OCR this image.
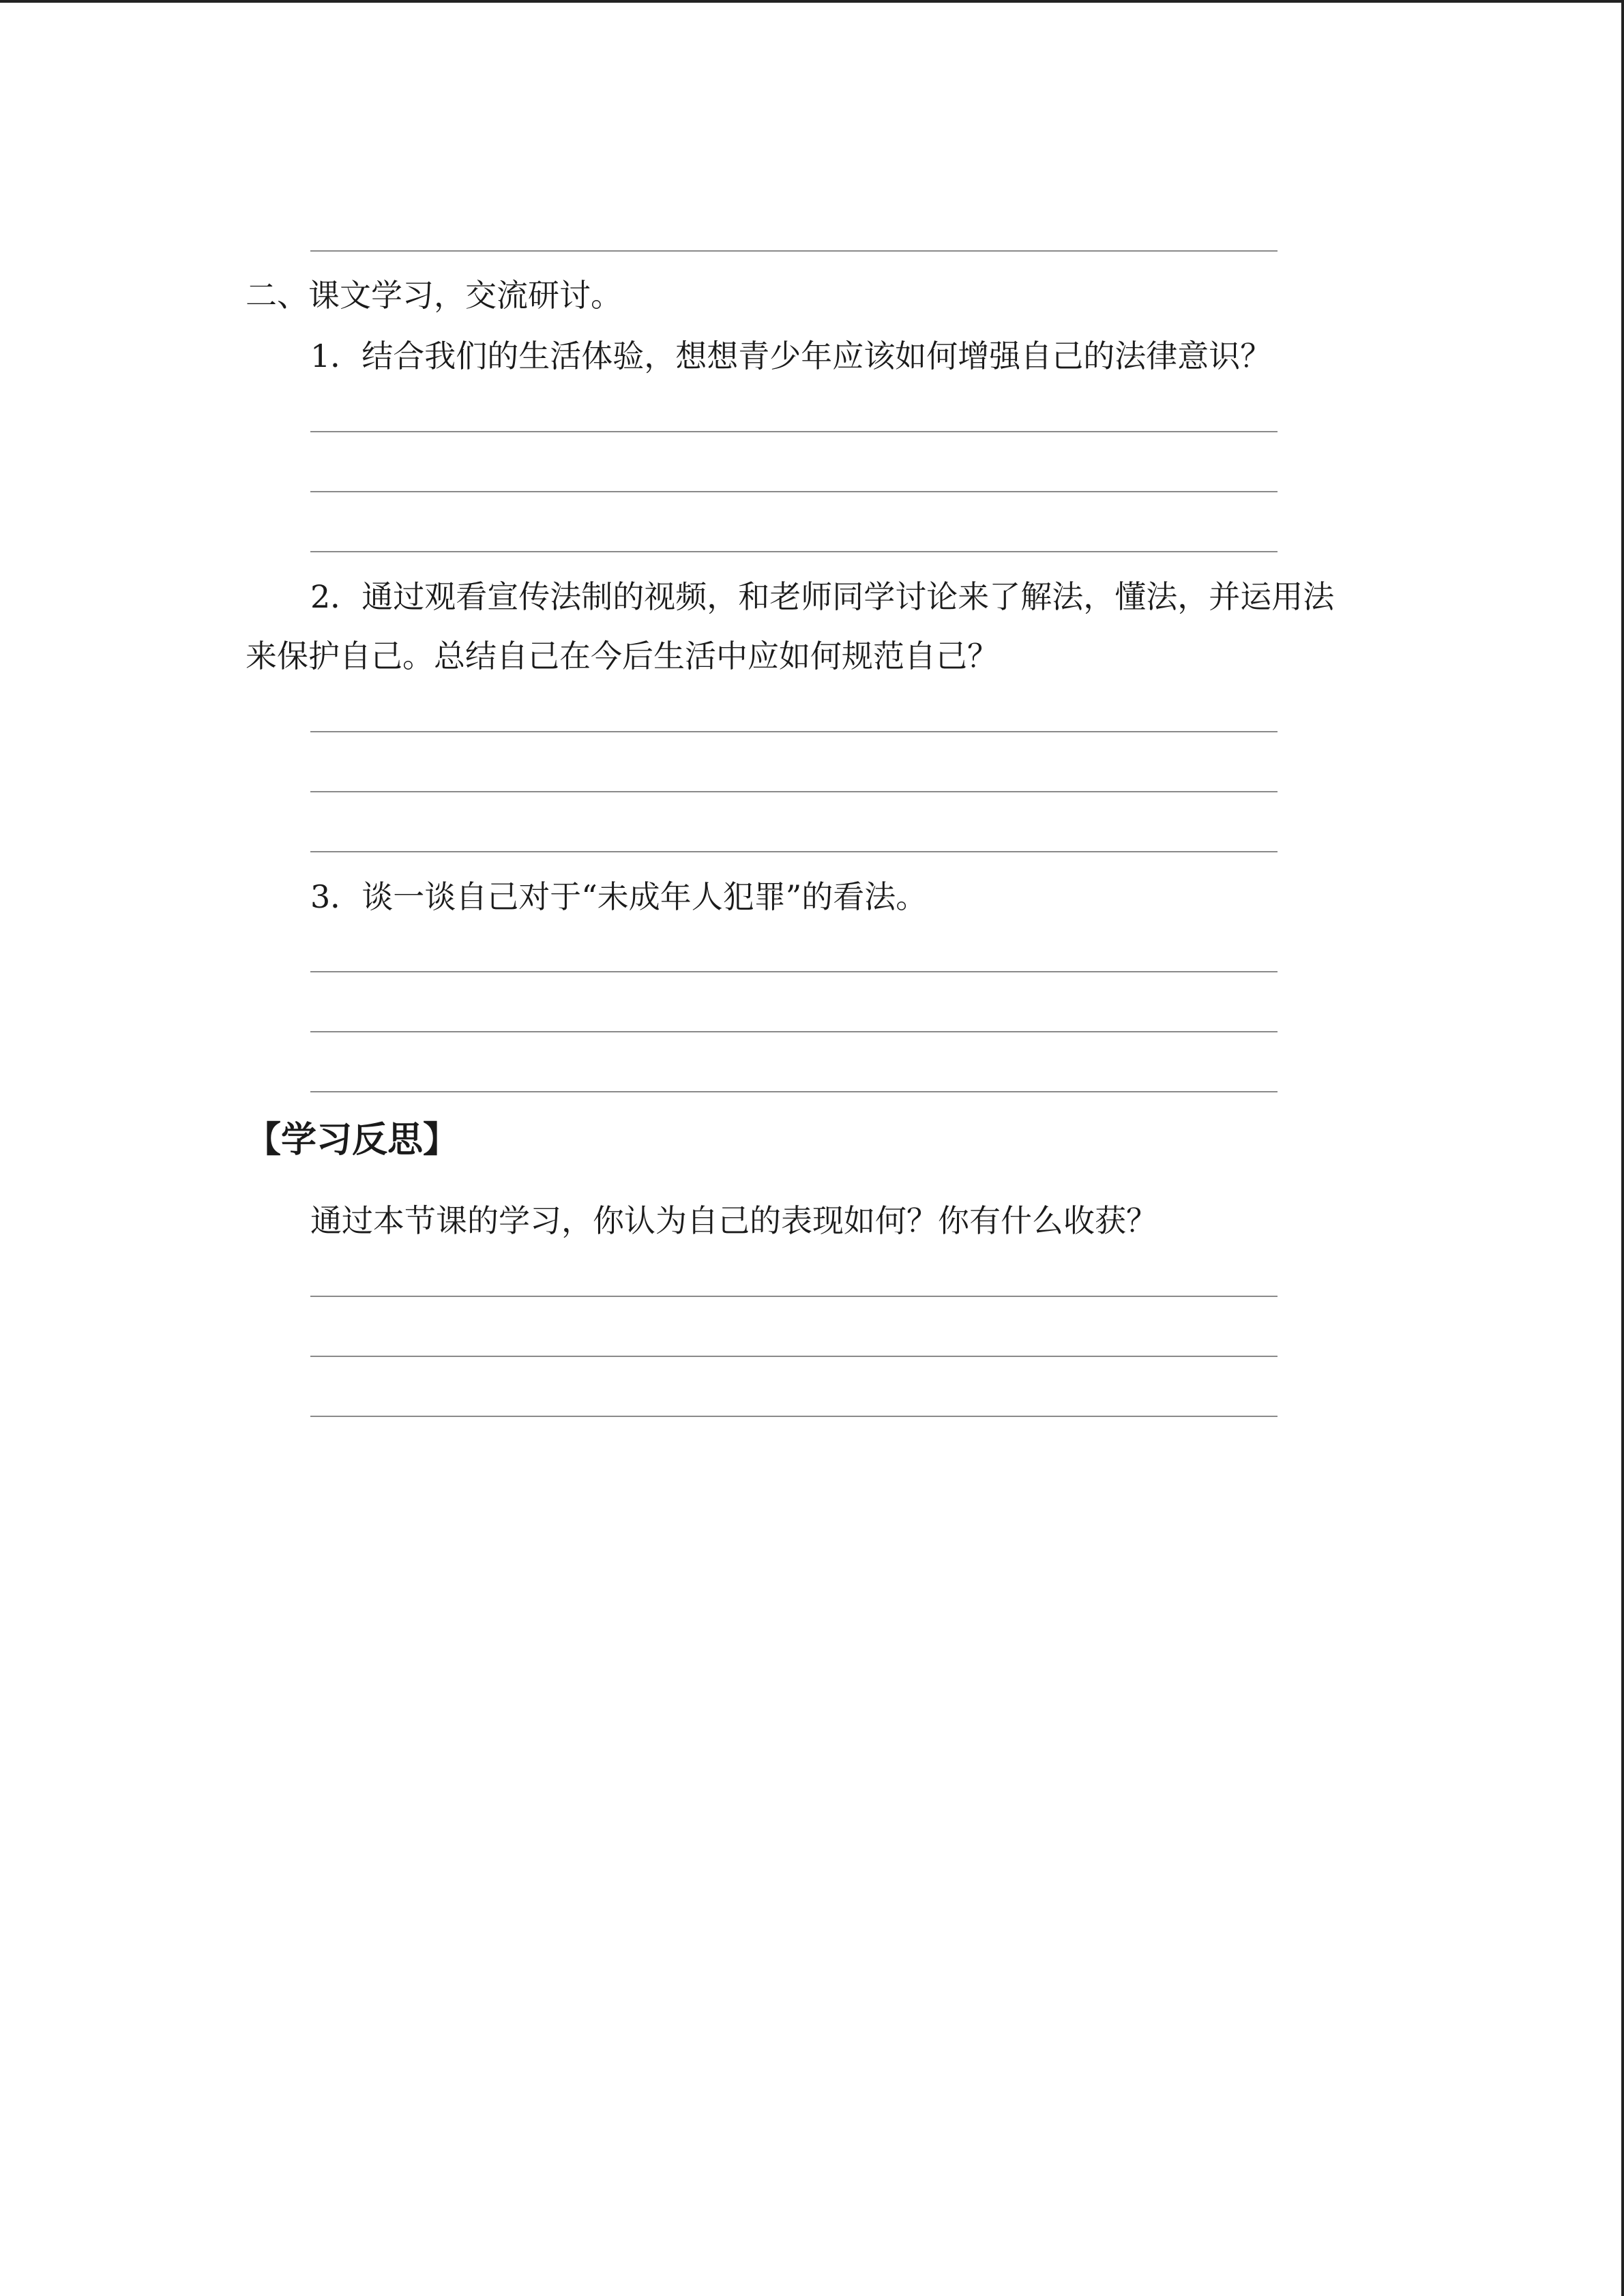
二、课文学习，交流研讨。
1．结合我们的生活体验，想想青少年应该如何增强自己的法律意识？
2．通过观看宣传法制的视频，和老师同学讨论来了解法，懂法，并运用法
来保护自己。总结自己在今后生活中应如何规范自己？
3．谈一谈自己对于“未成年人犯罪”的看法。
【学习反思】
通过本节课的学习，你认为自己的表现如何？你有什么收获？
